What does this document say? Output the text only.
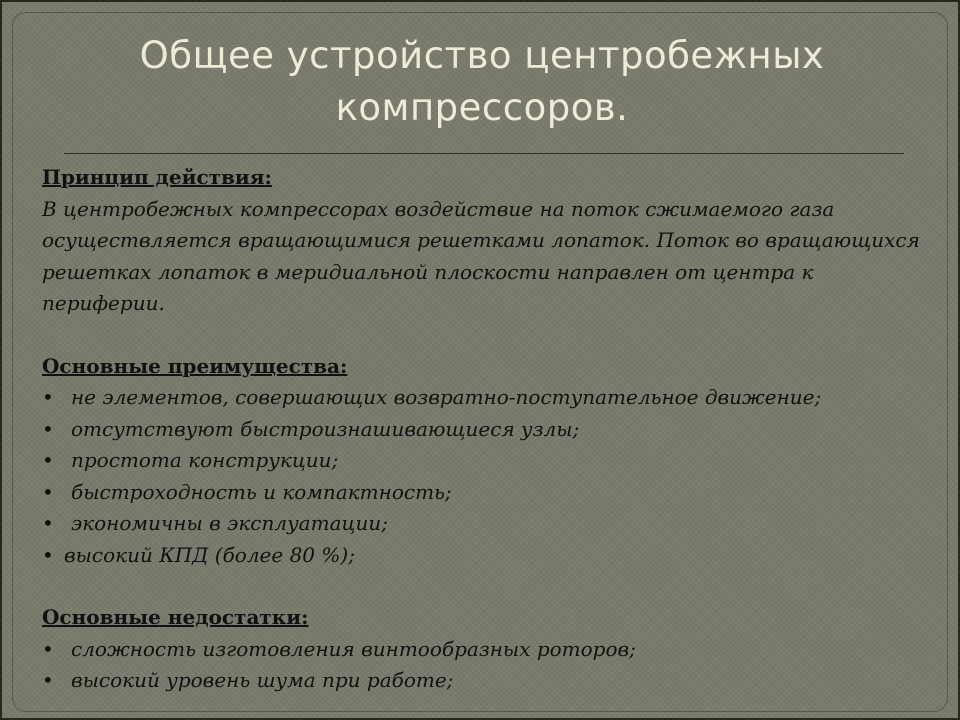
Общее устройство центробежных компрессоров.
Принцип действия:
В центробежных компрессорах воздействие на поток сжимаемого газа осуществляется вращающимися решетками лопаток. Поток во вращающихся решетках лопаток в меридиальной плоскости направлен от центра к периферии.
Основные преимущества:
• не элементов, совершающих возвратно-поступательное движение;
• отсутствуют быстроизнашивающиеся узлы;
• простота конструкции;
• быстроходность и компактность;
• экономичны в эксплуатации;
• высокий КПД (более 80 %);
Основные недостатки:
• сложность изготовления винтообразных роторов;
• высокий уровень шума при работе;
